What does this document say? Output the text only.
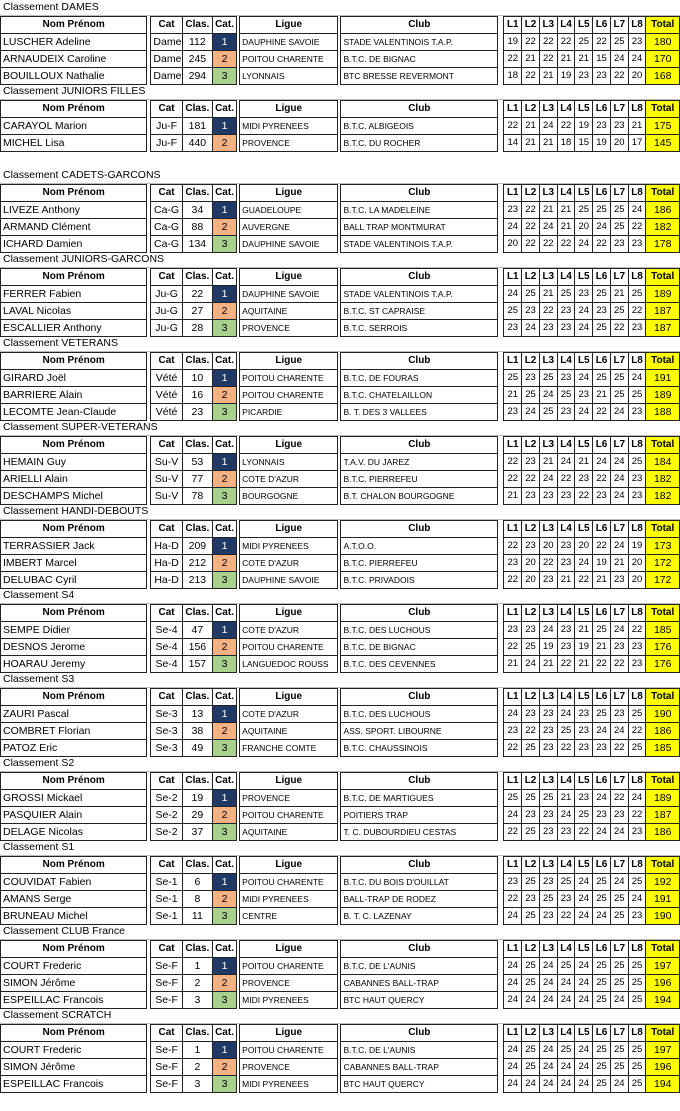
Classement DAMES
Nom Prénom		Cat	Clas.	Cat.		Ligue		Club		L1	L2	L3	L4	L5	L6	L7	L8	Total
LUSCHER Adeline		Dame	112	1		DAUPHINE SAVOIE		STADE VALENTINOIS T.A.P.		19	22	22	22	25	22	25	23	180
ARNAUDEIX Caroline		Dame	245	2		POITOU CHARENTE		B.T.C. DE BIGNAC		22	21	22	21	21	15	24	24	170
BOUILLOUX Nathalie		Dame	294	3		LYONNAIS		BTC BRESSE REVERMONT		18	22	21	19	23	23	22	20	168
Classement JUNIORS FILLES
Nom Prénom		Cat	Clas.	Cat.		Ligue		Club		L1	L2	L3	L4	L5	L6	L7	L8	Total
CARAYOL Marion		Ju-F	181	1		MIDI PYRENEES		B.T.C. ALBIGEOIS		22	21	24	22	19	23	23	21	175
MICHEL Lisa		Ju-F	440	2		PROVENCE		B.T.C. DU ROCHER		14	21	21	18	15	19	20	17	145
Classement CADETS-GARCONS
Nom Prénom		Cat	Clas.	Cat.		Ligue		Club		L1	L2	L3	L4	L5	L6	L7	L8	Total
LIVEZE Anthony		Ca-G	34	1		GUADELOUPE		B.T.C. LA MADELEINE		23	22	21	21	25	25	25	24	186
ARMAND Clément		Ca-G	88	2		AUVERGNE		BALL TRAP MONTMURAT		24	22	24	21	20	24	25	22	182
ICHARD Damien		Ca-G	134	3		DAUPHINE SAVOIE		STADE VALENTINOIS T.A.P.		20	22	22	22	24	22	23	23	178
Classement JUNIORS-GARCONS
Nom Prénom		Cat	Clas.	Cat.		Ligue		Club		L1	L2	L3	L4	L5	L6	L7	L8	Total
FERRER Fabien		Ju-G	22	1		DAUPHINE SAVOIE		STADE VALENTINOIS T.A.P.		24	25	21	25	23	25	21	25	189
LAVAL Nicolas		Ju-G	27	2		AQUITAINE		B.T.C. ST CAPRAISE		25	23	22	23	24	23	25	22	187
ESCALLIER Anthony		Ju-G	28	3		PROVENCE		B.T.C. SERROIS		23	24	23	23	24	25	22	23	187
Classement VETERANS
Nom Prénom		Cat	Clas.	Cat.		Ligue		Club		L1	L2	L3	L4	L5	L6	L7	L8	Total
GIRARD Joël		Vété	10	1		POITOU CHARENTE		B.T.C. DE FOURAS		25	23	25	23	24	25	25	24	191
BARRIERE Alain		Vété	16	2		POITOU CHARENTE		B.T.C. CHATELAILLON		21	25	24	25	23	21	25	25	189
LECOMTE Jean-Claude		Vété	23	3		PICARDIE		B. T. DES 3 VALLEES		23	24	25	23	24	22	24	23	188
Classement SUPER-VETERANS
Nom Prénom		Cat	Clas.	Cat.		Ligue		Club		L1	L2	L3	L4	L5	L6	L7	L8	Total
HEMAIN Guy		Su-V	53	1		LYONNAIS		T.A.V. DU JAREZ		22	23	21	24	21	24	24	25	184
ARIELLI Alain		Su-V	77	2		COTE D'AZUR		B.T.C. PIERREFEU		22	22	24	22	23	22	24	23	182
DESCHAMPS Michel		Su-V	78	3		BOURGOGNE		B.T. CHALON BOURGOGNE		21	23	23	23	22	23	24	23	182
Classement HANDI-DEBOUTS
Nom Prénom		Cat	Clas.	Cat.		Ligue		Club		L1	L2	L3	L4	L5	L6	L7	L8	Total
TERRASSIER Jack		Ha-D	209	1		MIDI PYRENEES		A.T.O.O.		22	23	20	23	20	22	24	19	173
IMBERT Marcel		Ha-D	212	2		COTE D'AZUR		B.T.C. PIERREFEU		23	20	22	23	24	19	21	20	172
DELUBAC Cyril		Ha-D	213	3		DAUPHINE SAVOIE		B.T.C. PRIVADOIS		22	20	23	21	22	21	23	20	172
Classement S4
Nom Prénom		Cat	Clas.	Cat.		Ligue		Club		L1	L2	L3	L4	L5	L6	L7	L8	Total
SEMPE Didier		Se-4	47	1		COTE D'AZUR		B.T.C. DES LUCHOUS		23	23	24	23	21	25	24	22	185
DESNOS Jerome		Se-4	156	2		POITOU CHARENTE		B.T.C. DE BIGNAC		22	25	19	23	19	21	23	23	176
HOARAU Jeremy		Se-4	157	3		LANGUEDOC ROUSS		B.T.C. DES CEVENNES		21	24	21	22	21	22	22	23	176
Classement S3
Nom Prénom		Cat	Clas.	Cat.		Ligue		Club		L1	L2	L3	L4	L5	L6	L7	L8	Total
ZAURI Pascal		Se-3	13	1		COTE D'AZUR		B.T.C. DES LUCHOUS		24	23	23	24	23	25	23	25	190
COMBRET Florian		Se-3	38	2		AQUITAINE		ASS. SPORT. LIBOURNE		23	22	23	25	23	24	24	22	186
PATOZ Eric		Se-3	49	3		FRANCHE COMTE		B.T.C. CHAUSSINOIS		22	25	23	22	23	23	22	25	185
Classement S2
Nom Prénom		Cat	Clas.	Cat.		Ligue		Club		L1	L2	L3	L4	L5	L6	L7	L8	Total
GROSSI Mickael		Se-2	19	1		PROVENCE		B.T.C. DE MARTIGUES		25	25	25	21	23	24	22	24	189
PASQUIER Alain		Se-2	29	2		POITOU CHARENTE		POITIERS TRAP		24	23	23	24	25	23	23	22	187
DELAGE Nicolas		Se-2	37	3		AQUITAINE		T. C. DUBOURDIEU CESTAS		22	25	23	23	22	24	24	23	186
Classement S1
Nom Prénom		Cat	Clas.	Cat.		Ligue		Club		L1	L2	L3	L4	L5	L6	L7	L8	Total
COUVIDAT Fabien		Se-1	6	1		POITOU CHARENTE		B.T.C. DU BOIS D'OUILLAT		23	25	23	25	24	25	24	25	192
AMANS Serge		Se-1	8	2		MIDI PYRENEES		BALL-TRAP DE RODEZ		22	23	25	23	24	25	25	24	191
BRUNEAU Michel		Se-1	11	3		CENTRE		B. T. C. LAZENAY		24	25	23	22	24	24	25	23	190
Classement CLUB France
Nom Prénom		Cat	Clas.	Cat.		Ligue		Club		L1	L2	L3	L4	L5	L6	L7	L8	Total
COURT Frederic		Se-F	1	1		POITOU CHARENTE		B.T.C. DE L'AUNIS		24	25	24	25	24	25	25	25	197
SIMON Jérôme		Se-F	2	2		PROVENCE		CABANNES BALL-TRAP		24	25	24	24	24	25	25	25	196
ESPEILLAC Francois		Se-F	3	3		MIDI PYRENEES		BTC HAUT QUERCY		24	24	24	24	24	25	24	25	194
Classement SCRATCH
Nom Prénom		Cat	Clas.	Cat.		Ligue		Club		L1	L2	L3	L4	L5	L6	L7	L8	Total
COURT Frederic		Se-F	1	1		POITOU CHARENTE		B.T.C. DE L'AUNIS		24	25	24	25	24	25	25	25	197
SIMON Jérôme		Se-F	2	2		PROVENCE		CABANNES BALL-TRAP		24	25	24	24	24	25	25	25	196
ESPEILLAC Francois		Se-F	3	3		MIDI PYRENEES		BTC HAUT QUERCY		24	24	24	24	24	25	24	25	194
